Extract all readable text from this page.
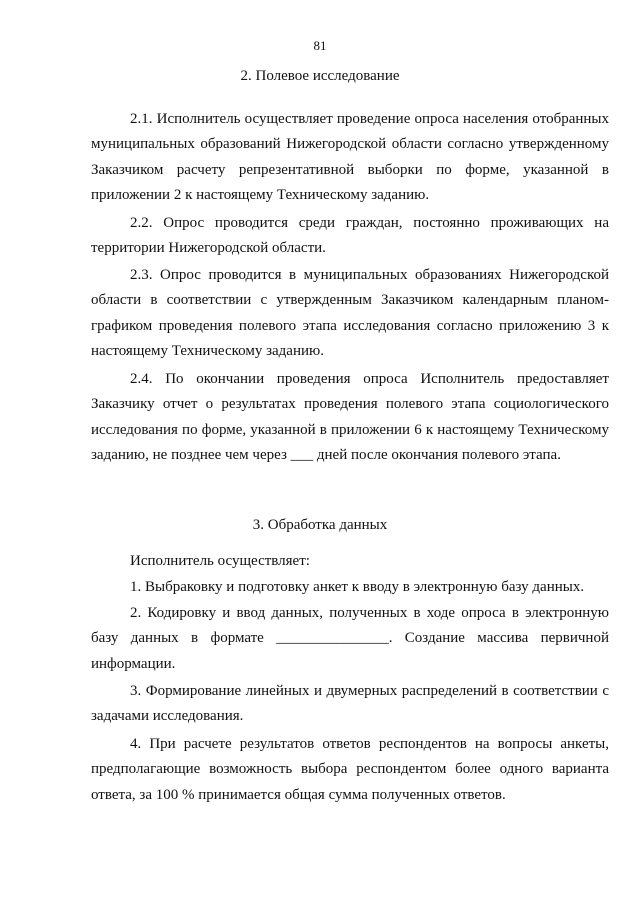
81
2. Полевое исследование

2.1. Исполнитель осуществляет проведение опроса населения отобранных муниципальных образований Нижегородской области согласно утвержденному Заказчиком расчету репрезентативной выборки по форме, указанной в приложении 2 к настоящему Техническому заданию.

2.2. Опрос проводится среди граждан, постоянно проживающих на территории Нижегородской области.

2.3. Опрос проводится в муниципальных образованиях Нижегородской области в соответствии с утвержденным Заказчиком календарным планом-графиком проведения полевого этапа исследования согласно приложению 3 к настоящему Техническому заданию.

2.4. По окончании проведения опроса Исполнитель предоставляет Заказчику отчет о результатах проведения полевого этапа социологического исследования по форме, указанной в приложении 6 к настоящему Техническому заданию, не позднее чем через ___ дней после окончания полевого этапа.

3. Обработка данных

Исполнитель осуществляет:

1. Выбраковку и подготовку анкет к вводу в электронную базу данных.

2. Кодировку и ввод данных, полученных в ходе опроса в электронную базу данных в формате _______________. Создание массива первичной информации.

3. Формирование линейных и двумерных распределений в соответствии с задачами исследования.

4. При расчете результатов ответов респондентов на вопросы анкеты, предполагающие возможность выбора респондентом более одного варианта ответа, за 100 % принимается общая сумма полученных ответов.
